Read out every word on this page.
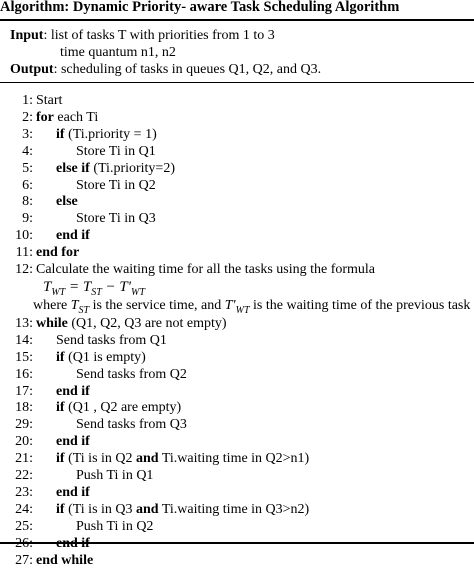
Algorithm: Dynamic Priority- aware Task Scheduling Algorithm
Input: list of tasks T with priorities from 1 to 3
time quantum n1, n2
Output: scheduling of tasks in queues Q1, Q2, and Q3.
1: Start
2: for each Ti
3: if (Ti.priority = 1)
4:	Store Ti in Q1
5: else if (Ti.priority=2)
6:	Store Ti in Q2
8: else
9:	Store Ti in Q3
10: end if
11: end for
12: Calculate the waiting time for all the tasks using the formula
$T_{WT} = T_{ST} - T'_{WT}$
where $T_{ST}$ is the service time, and $T'_{WT}$ is the waiting time of the previous task
13: while (Q1, Q2, Q3 are not empty)
14: Send tasks from Q1
15: if (Q1 is empty)
16:	Send tasks from Q2
17: end if
18: if (Q1 , Q2 are empty)
29:	Send tasks from Q3
20: end if
21: if (Ti is in Q2 and Ti.waiting time in Q2>n1)
22:	Push Ti in Q1
23: end if
24: if (Ti is in Q3 and Ti.waiting time in Q3>n2)
25:	Push Ti in Q2
27: end while
